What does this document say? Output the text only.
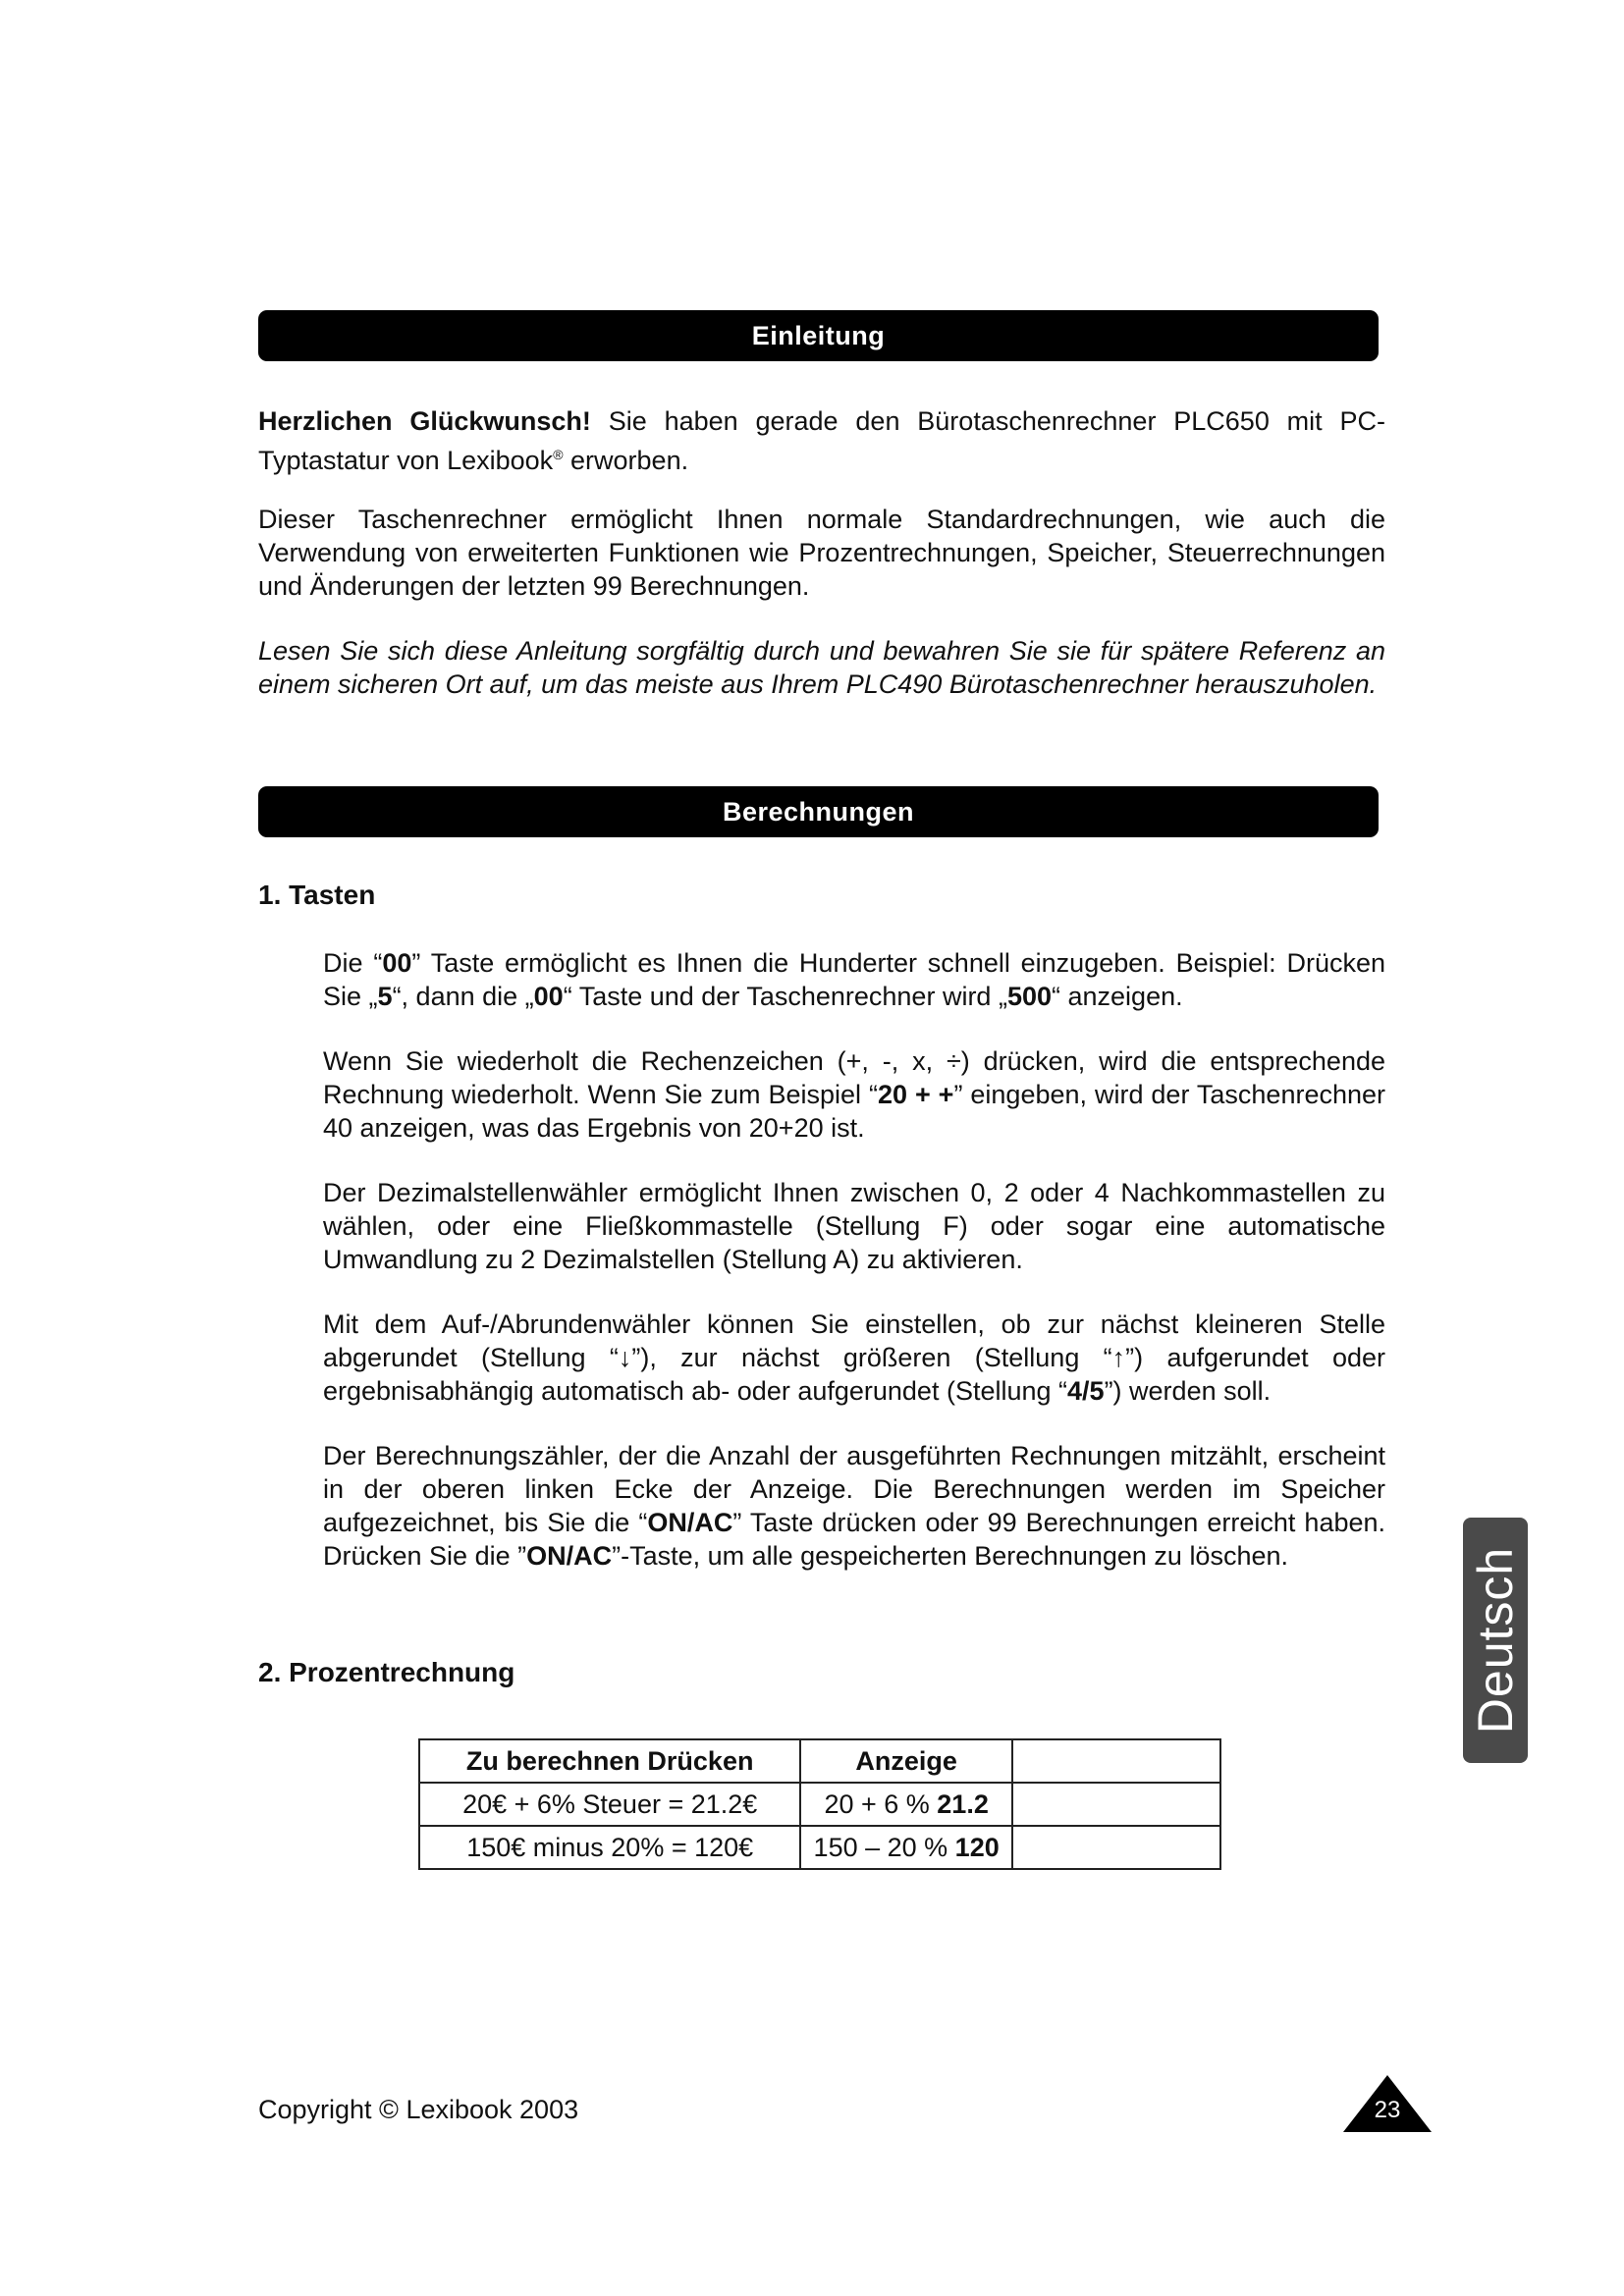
Einleitung

Herzlichen Glückwunsch! Sie haben gerade den Bürotaschenrechner PLC650 mit PC-Typtastatur von Lexibook® erworben.

Dieser Taschenrechner ermöglicht Ihnen normale Standardrechnungen, wie auch die Verwendung von erweiterten Funktionen wie Prozentrechnungen, Speicher, Steuerrechnungen und Änderungen der letzten 99 Berechnungen.

Lesen Sie sich diese Anleitung sorgfältig durch und bewahren Sie sie für spätere Referenz an einem sicheren Ort auf, um das meiste aus Ihrem PLC490 Bürotaschenrechner herauszuholen.

Berechnungen
1. Tasten

Die “00” Taste ermöglicht es Ihnen die Hunderter schnell einzugeben. Beispiel: Drücken Sie „5“, dann die „00“ Taste und der Taschenrechner wird „500“ anzeigen.

Wenn Sie wiederholt die Rechenzeichen (+, -, x, ÷) drücken, wird die entsprechende Rechnung wiederholt. Wenn Sie zum Beispiel “20 + +” eingeben, wird der Taschenrechner 40 anzeigen, was das Ergebnis von 20+20 ist.

Der Dezimalstellenwähler ermöglicht Ihnen zwischen 0, 2 oder 4 Nachkommastellen zu wählen, oder eine Fließkommastelle (Stellung F) oder sogar eine automatische Umwandlung zu 2 Dezimalstellen (Stellung A) zu aktivieren.

Mit dem Auf-/Abrundenwähler können Sie einstellen, ob zur nächst kleineren Stelle abgerundet (Stellung “↓”), zur nächst größeren (Stellung “↑”) aufgerundet oder ergebnisabhängig automatisch ab- oder aufgerundet (Stellung “4/5”) werden soll.

Der Berechnungszähler, der die Anzahl der ausgeführten Rechnungen mitzählt, erscheint in der oberen linken Ecke der Anzeige. Die Berechnungen werden im Speicher aufgezeichnet, bis Sie die “ON/AC” Taste drücken oder 99 Berechnungen erreicht haben. Drücken Sie die ”ON/AC”-Taste, um alle gespeicherten Berechnungen zu löschen.

2. Prozentrechnung
Zu berechnen Drücken	Anzeige	
20€ + 6% Steuer = 21.2€	20 + 6 % 21.2	
150€ minus 20% = 120€	150 – 20 % 120	
Copyright © Lexibook 2003	23
Deutsch
